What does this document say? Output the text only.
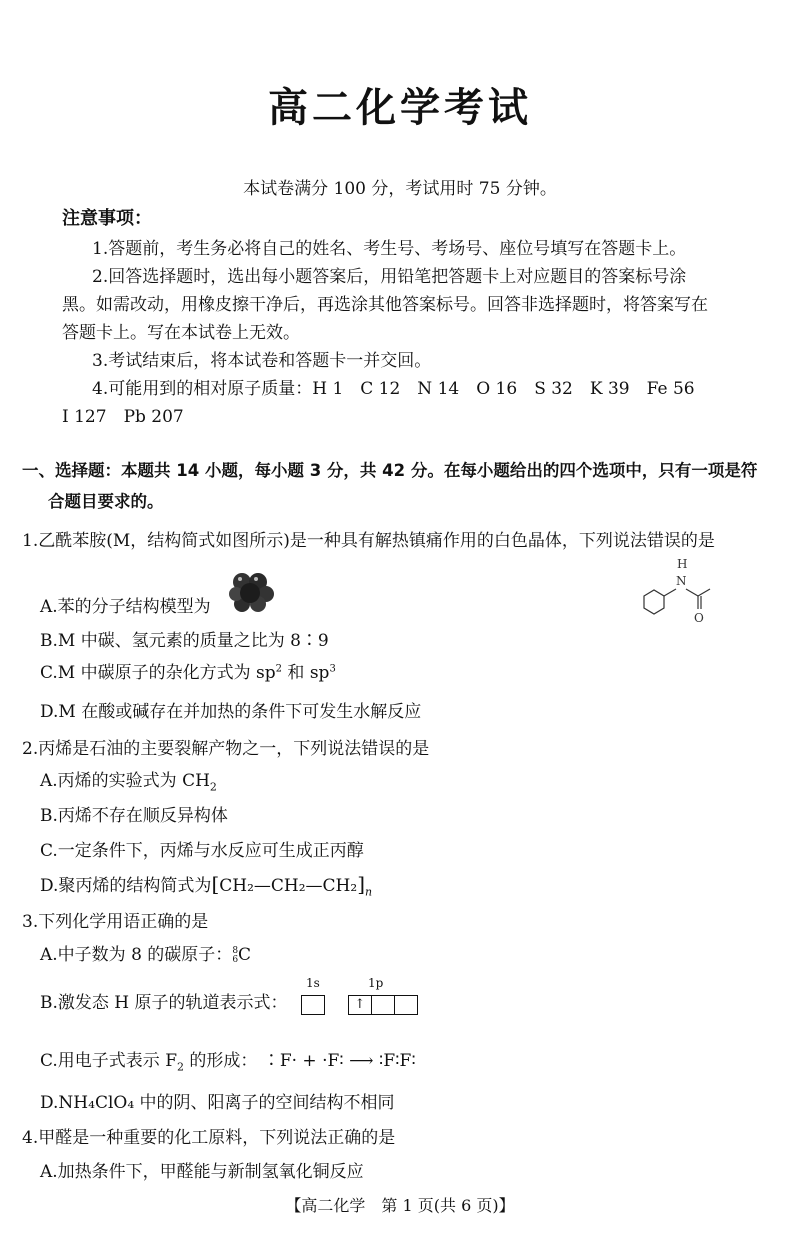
高二化学考试
本试卷满分 100 分，考试用时 75 分钟。
注意事项：
1.答题前，考生务必将自己的姓名、考生号、考场号、座位号填写在答题卡上。
2.回答选择题时，选出每小题答案后，用铅笔把答题卡上对应题目的答案标号涂
黑。如需改动，用橡皮擦干净后，再选涂其他答案标号。回答非选择题时，将答案写在
答题卡上。写在本试卷上无效。
3.考试结束后，将本试卷和答题卡一并交回。
4.可能用到的相对原子质量：H 1　C 12　N 14　O 16　S 32　K 39　Fe 56
I 127　Pb 207
一、选择题：本题共 14 小题，每小题 3 分，共 42 分。在每小题给出的四个选项中，只有一项是符
合题目要求的。
1.乙酰苯胺(M，结构简式如图所示)是一种具有解热镇痛作用的白色晶体，下列说法错误的是
A.苯的分子结构模型为
H
N
O
B.M 中碳、氢元素的质量之比为 8∶9
C.M 中碳原子的杂化方式为 $sp^2$ 和 $sp^3$
D.M 在酸或碱存在并加热的条件下可发生水解反应
2.丙烯是石油的主要裂解产物之一，下列说法错误的是
A.丙烯的实验式为 $CH_2$
B.丙烯不存在顺反异构体
C.一定条件下，丙烯与水反应可生成正丙醇
D.聚丙烯的结构简式为$[CH_2—CH_2—CH_2]_n$
3.下列化学用语正确的是
A.中子数为 8 的碳原子： 8
6 C
B.激发态 H 原子的轨道表示式：
1s	1p
↑
C.用电子式表示 $F_2$ 的形成： ∶F· + ·F∶ ⟶ ∶F∶F∶
D.NH₄ClO₄ 中的阴、阳离子的空间结构不相同
4.甲醛是一种重要的化工原料，下列说法正确的是
A.加热条件下，甲醛能与新制氢氧化铜反应
【高二化学　第 1 页(共 6 页)】
